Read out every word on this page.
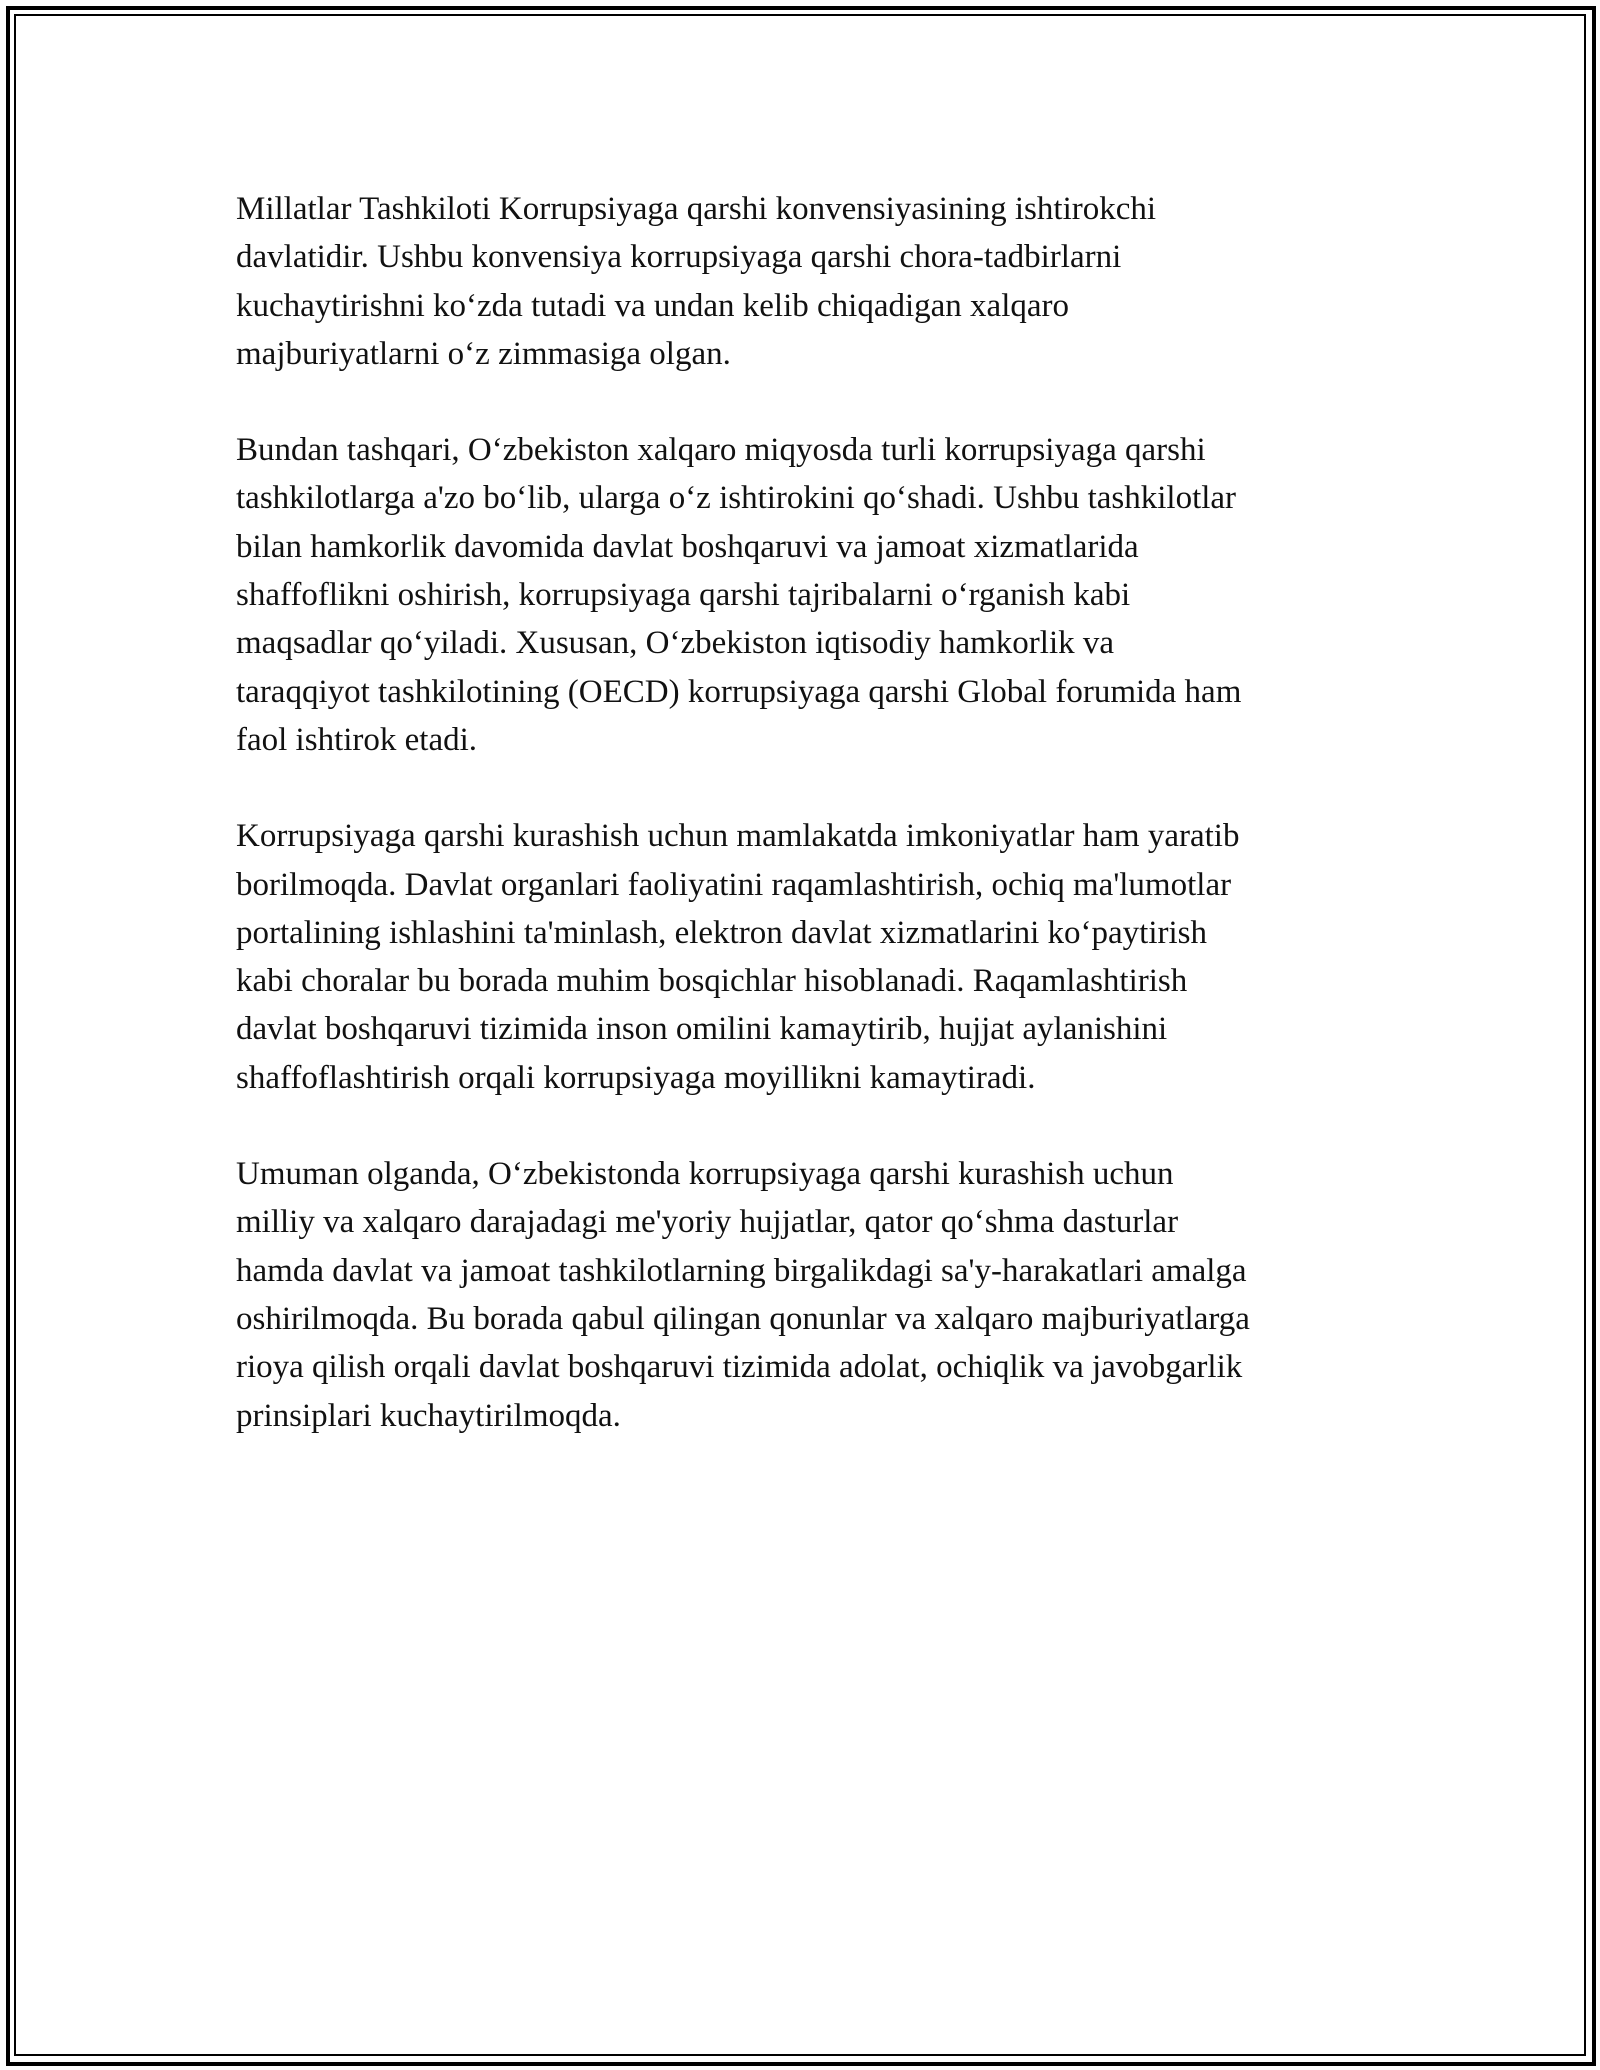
Millatlar Tashkiloti Korrupsiyaga qarshi konvensiyasining ishtirokchi
davlatidir. Ushbu konvensiya korrupsiyaga qarshi chora-tadbirlarni
kuchaytirishni ko‘zda tutadi va undan kelib chiqadigan xalqaro
majburiyatlarni o‘z zimmasiga olgan.

Bundan tashqari, O‘zbekiston xalqaro miqyosda turli korrupsiyaga qarshi
tashkilotlarga a'zo bo‘lib, ularga o‘z ishtirokini qo‘shadi. Ushbu tashkilotlar
bilan hamkorlik davomida davlat boshqaruvi va jamoat xizmatlarida
shaffoflikni oshirish, korrupsiyaga qarshi tajribalarni o‘rganish kabi
maqsadlar qo‘yiladi. Xususan, O‘zbekiston iqtisodiy hamkorlik va
taraqqiyot tashkilotining (OECD) korrupsiyaga qarshi Global forumida ham
faol ishtirok etadi.

Korrupsiyaga qarshi kurashish uchun mamlakatda imkoniyatlar ham yaratib
borilmoqda. Davlat organlari faoliyatini raqamlashtirish, ochiq ma'lumotlar
portalining ishlashini ta'minlash, elektron davlat xizmatlarini ko‘paytirish
kabi choralar bu borada muhim bosqichlar hisoblanadi. Raqamlashtirish
davlat boshqaruvi tizimida inson omilini kamaytirib, hujjat aylanishini
shaffoflashtirish orqali korrupsiyaga moyillikni kamaytiradi.

Umuman olganda, O‘zbekistonda korrupsiyaga qarshi kurashish uchun
milliy va xalqaro darajadagi me'yoriy hujjatlar, qator qo‘shma dasturlar
hamda davlat va jamoat tashkilotlarning birgalikdagi sa'y-harakatlari amalga
oshirilmoqda. Bu borada qabul qilingan qonunlar va xalqaro majburiyatlarga
rioya qilish orqali davlat boshqaruvi tizimida adolat, ochiqlik va javobgarlik
prinsiplari kuchaytirilmoqda.
